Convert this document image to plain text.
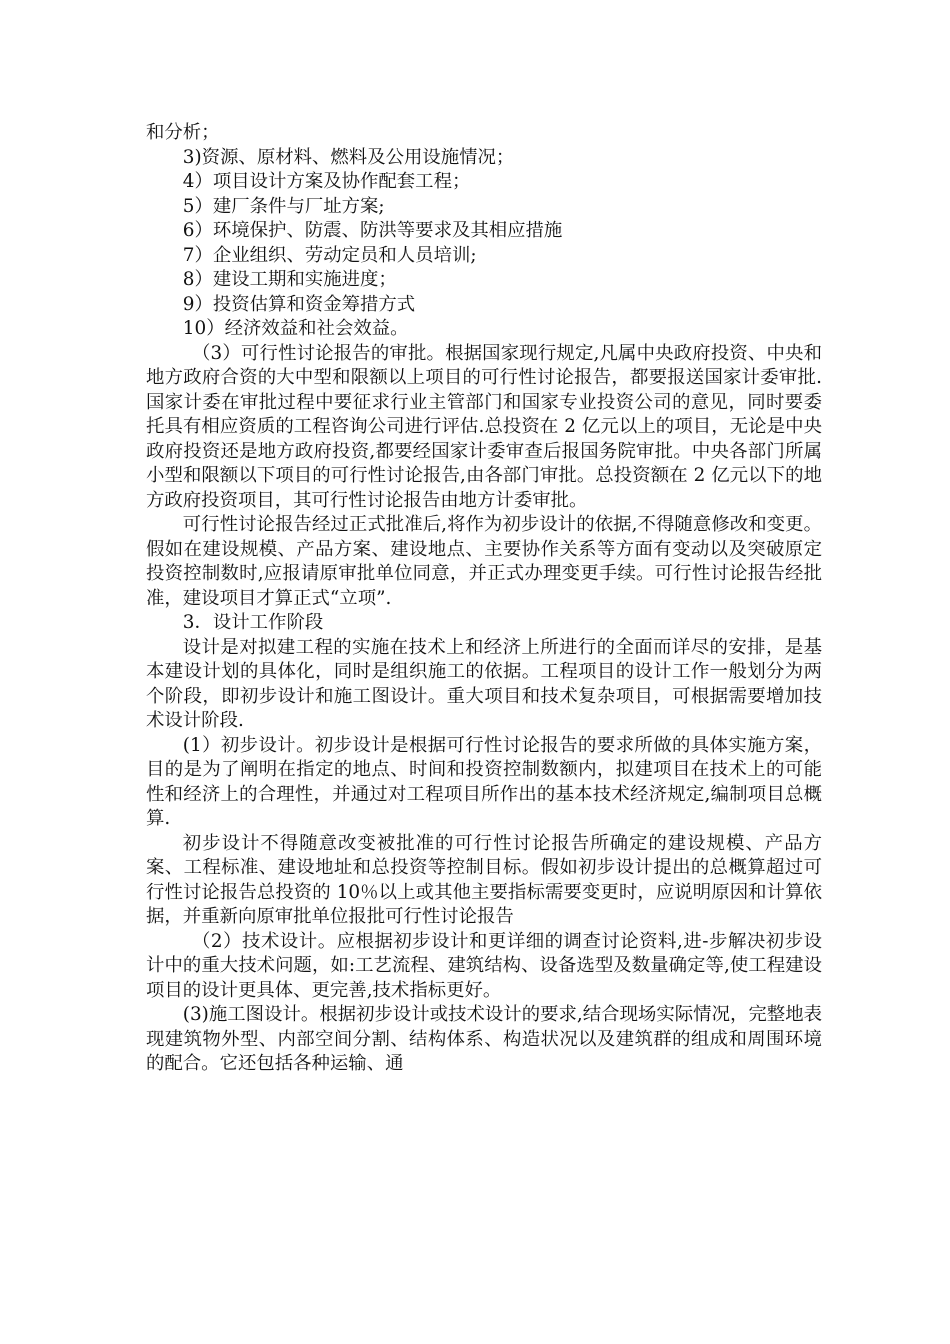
和分析；

3)资源、原材料、燃料及公用设施情况；

4）项目设计方案及协作配套工程；

5）建厂条件与厂址方案;

6）环境保护、防震、防洪等要求及其相应措施

7）企业组织、劳动定员和人员培训;

8）建设工期和实施进度；

9）投资估算和资金筹措方式

10）经济效益和社会效益。

（3）可行性讨论报告的审批。根据国家现行规定,凡属中央政府投资、中央和地方政府合资的大中型和限额以上项目的可行性讨论报告，都要报送国家计委审批.国家计委在审批过程中要征求行业主管部门和国家专业投资公司的意见，同时要委托具有相应资质的工程咨询公司进行评估.总投资在 2 亿元以上的项目，无论是中央政府投资还是地方政府投资,都要经国家计委审查后报国务院审批。中央各部门所属小型和限额以下项目的可行性讨论报告,由各部门审批。总投资额在 2 亿元以下的地方政府投资项目，其可行性讨论报告由地方计委审批。

可行性讨论报告经过正式批准后,将作为初步设计的依据,不得随意修改和变更。假如在建设规模、产品方案、建设地点、主要协作关系等方面有变动以及突破原定投资控制数时,应报请原审批单位同意，并正式办理变更手续。可行性讨论报告经批准，建设项目才算正式“立项”.

3．设计工作阶段

设计是对拟建工程的实施在技术上和经济上所进行的全面而详尽的安排，是基本建设计划的具体化，同时是组织施工的依据。工程项目的设计工作一般划分为两个阶段，即初步设计和施工图设计。重大项目和技术复杂项目，可根据需要增加技术设计阶段.

(1）初步设计。初步设计是根据可行性讨论报告的要求所做的具体实施方案，目的是为了阐明在指定的地点、时间和投资控制数额内，拟建项目在技术上的可能性和经济上的合理性，并通过对工程项目所作出的基本技术经济规定,编制项目总概算.

初步设计不得随意改变被批准的可行性讨论报告所确定的建设规模、产品方案、工程标准、建设地址和总投资等控制目标。假如初步设计提出的总概算超过可行性讨论报告总投资的 10％以上或其他主要指标需要变更时，应说明原因和计算依据，并重新向原审批单位报批可行性讨论报告

（2）技术设计。应根据初步设计和更详细的调查讨论资料,进-步解决初步设计中的重大技术问题，如:工艺流程、建筑结构、设备选型及数量确定等,使工程建设项目的设计更具体、更完善,技术指标更好。

(3)施工图设计。根据初步设计或技术设计的要求,结合现场实际情况，完整地表现建筑物外型、内部空间分割、结构体系、构造状况以及建筑群的组成和周围环境的配合。它还包括各种运输、通
